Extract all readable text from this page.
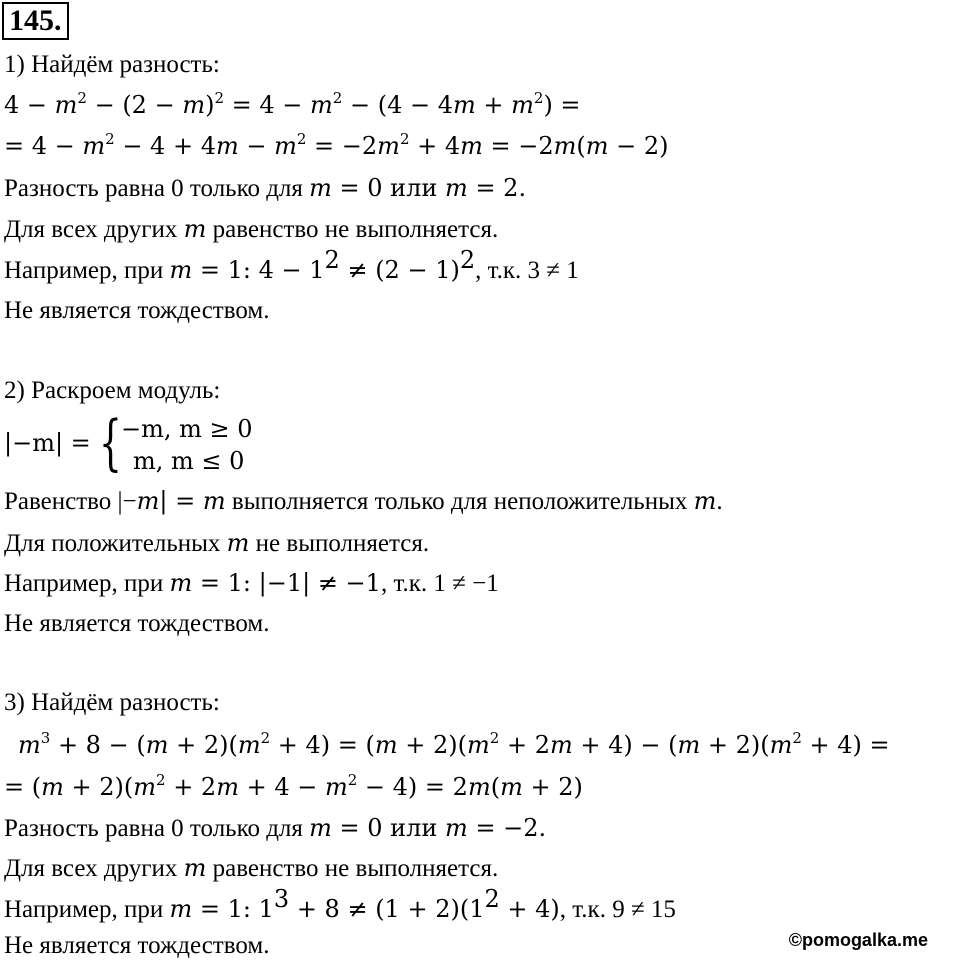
145.
1) Найдём разность:
$4 - m^2 - (2 - m)^2 = 4 - m^2 - (4 - 4m + m^2)$ =
= $4 - m^2 - 4 + 4m - m^2 = -2m^2 + 4m = -2m(m - 2)$
Разность равна 0 только для m = 0 или m = 2.
Для всех других m равенство не выполняется.
Например, при m = 1: $4 - 1^2 \ne (2 - 1)^2$, т.к. 3 ≠ 1
Не является тождеством.
2) Раскроем модуль:
|−m| = { −m, m ≥ 0
m, m ≤ 0
Равенство |−m| = m выполняется только для неположительных m.
Для положительных m не выполняется.
Например, при m = 1: |−1| ≠ −1, т.к. 1 ≠ −1
Не является тождеством.
3) Найдём разность:
$m^3 + 8 - (m + 2)(m^2 + 4) = (m + 2)(m^2 + 2m + 4) - (m + 2)(m^2 + 4)$ =
= $(m + 2)(m^2 + 2m + 4 - m^2 - 4) = 2m(m + 2)$
Разность равна 0 только для m = 0 или m = −2.
Для всех других m равенство не выполняется.
Например, при m = 1: $1^3 + 8 \ne (1 + 2)(1^2 + 4)$, т.к. 9 ≠ 15
Не является тождеством.	©pomogalka.me
